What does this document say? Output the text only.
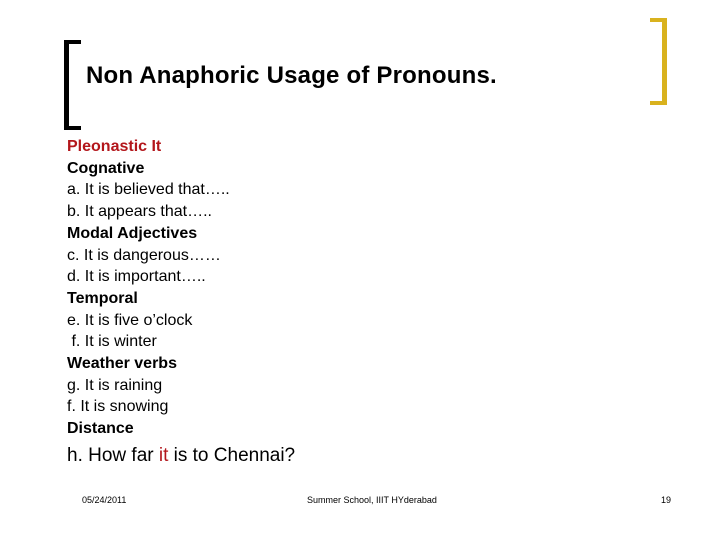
Non Anaphoric Usage of Pronouns.
Pleonastic It
Cognative
a. It is believed that…..
b. It appears that…..
Modal Adjectives
c. It is dangerous……
d. It is important…..
Temporal
e. It is five o’clock
f. It is winter
Weather verbs
g. It is raining
f. It is snowing
Distance
h. How far it is to Chennai?
05/24/2011	Summer School, IIIT HYderabad	19
